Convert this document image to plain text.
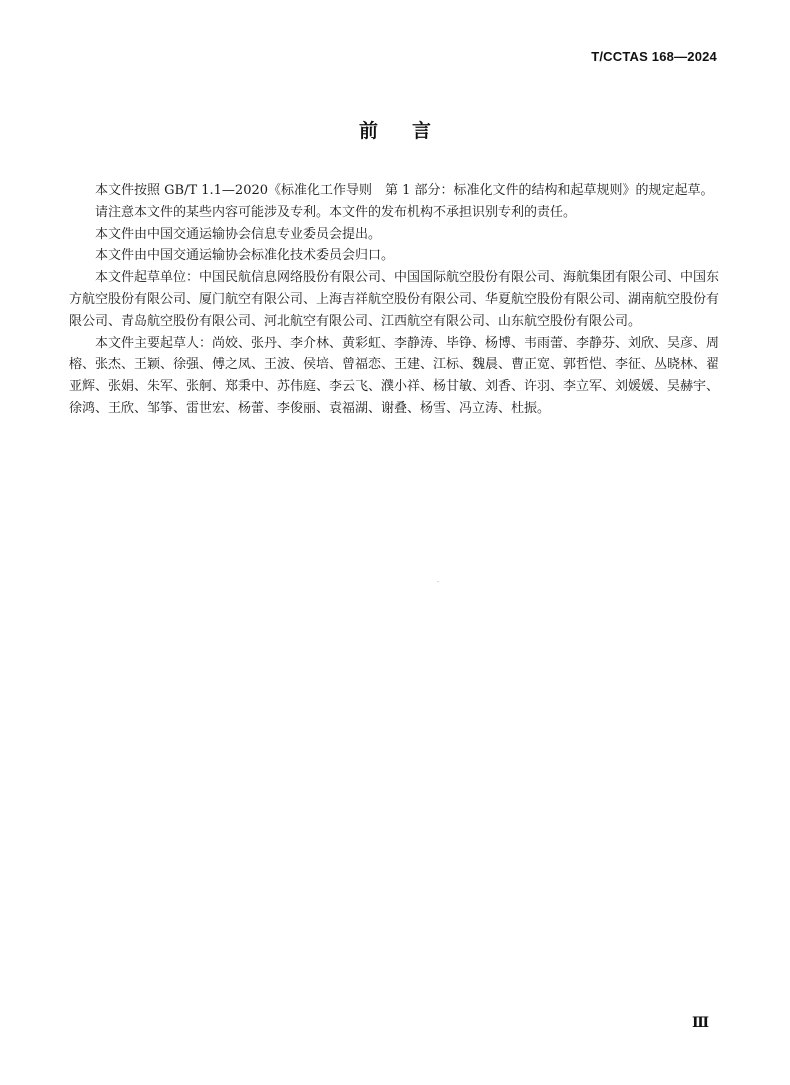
T/CCTAS 168—2024
前言

本文件按照 GB/T 1.1—2020《标准化工作导则　第 1 部分：标准化文件的结构和起草规则》的规定起草。

请注意本文件的某些内容可能涉及专利。本文件的发布机构不承担识别专利的责任。

本文件由中国交通运输协会信息专业委员会提出。

本文件由中国交通运输协会标准化技术委员会归口。

本文件起草单位：中国民航信息网络股份有限公司、中国国际航空股份有限公司、海航集团有限公司、中国东方航空股份有限公司、厦门航空有限公司、上海吉祥航空股份有限公司、华夏航空股份有限公司、湖南航空股份有限公司、青岛航空股份有限公司、河北航空有限公司、江西航空有限公司、山东航空股份有限公司。

本文件主要起草人：尚姣、张丹、李介林、黄彩虹、李静涛、毕铮、杨博、韦雨蕾、李静芬、刘欣、吴彦、周榕、张杰、王颖、徐强、傅之凤、王波、侯培、曾福恋、王建、江标、魏晨、曹正宽、郭哲恺、李征、丛晓林、翟亚辉、张娟、朱军、张舸、郑秉中、苏伟庭、李云飞、濮小祥、杨甘敏、刘香、许羽、李立军、刘媛媛、吴赫宇、徐鸿、王欣、邹筝、雷世宏、杨蕾、李俊丽、袁福湖、谢叠、杨雪、冯立涛、杜振。

Ⅲ
